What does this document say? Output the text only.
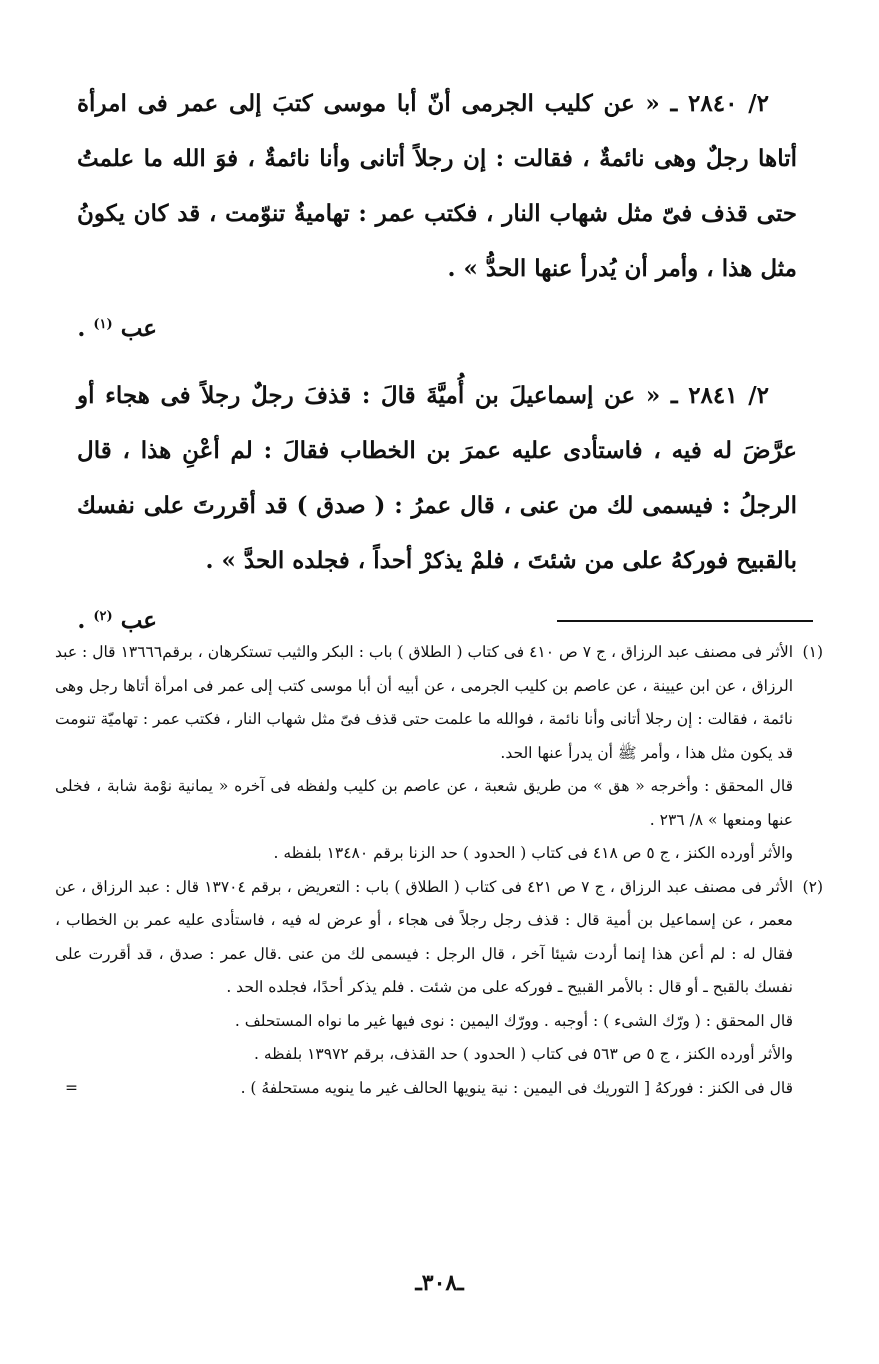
٢/ ٢٨٤٠ ـ « عن كليب الجرمى أنّ أبا موسى كتبَ إلى عمر فى امرأة أتاها رجلٌ وهى نائمةٌ ، فقالت : إن رجلاً أتانى وأنا نائمةٌ ، فوَ الله ما علمتُ حتى قذف فىّ مثل شهاب النار ، فكتب عمر : تهاميةٌ تنوّمت ، قد كان يكونُ مثل هذا ، وأمر أن يُدرأ عنها الحدُّ » .

عب $^{(١)}$ .

٢/ ٢٨٤١ ـ « عن إسماعيلَ بن أُميَّةَ قالَ : قذفَ رجلٌ رجلاً فى هجاء أو عرَّضَ له فيه ، فاستأدى عليه عمرَ بن الخطاب فقالَ : لم أعْنِ هذا ، قال الرجلُ : فيسمى لك من عنى ، قال عمرُ : ( صدق ) قد أقررتَ على نفسك بالقبيح فوركهُ على من شئتَ ، فلمْ يذكرْ أحداً ، فجلده الحدَّ » .

عب $^{(٢)}$ .

(١)
الأثر فى مصنف عبد الرزاق ، ج ٧ ص ٤١٠ فى كتاب ( الطلاق ) باب : البكر والثيب تستكرهان ، برقم١٣٦٦٦ قال : عبد الرزاق ، عن ابن عيينة ، عن عاصم بن كليب الجرمى ، عن أبيه أن أبا موسى كتب إلى عمر فى امرأة أتاها رجل وهى نائمة ، فقالت : إن رجلا أتانى وأنا نائمة ، فوالله ما علمت حتى قذف فىّ مثل شهاب النار ، فكتب عمر : تهاميّة تنومت قد يكون مثل هذا ، وأمر ﷺ أن يدرأ عنها الحد.

قال المحقق : وأخرجه « هق » من طريق شعبة ، عن عاصم بن كليب ولفظه فى آخره « يمانية نوْمة شابة ، فخلى عنها ومنعها » ٨/ ٢٣٦ .

والأثر أورده الكنز ، ج ٥ ص ٤١٨ فى كتاب ( الحدود ) حد الزنا برقم ١٣٤٨٠ بلفظه .

(٢)
الأثر فى مصنف عبد الرزاق ، ج ٧ ص ٤٢١ فى كتاب ( الطلاق ) باب : التعريض ، برقم ١٣٧٠٤ قال : عبد الرزاق ، عن معمر ، عن إسماعيل بن أمية قال : قذف رجل رجلاً فى هجاء ، أو عرض له فيه ، فاستأدى عليه عمر بن الخطاب ، فقال له : لم أعن هذا إنما أردت شيئا آخر ، قال الرجل : فيسمى لك من عنى .قال عمر : صدق ، قد أقررت على نفسك بالقبح ـ أو قال : بالأمر القبيح ـ فوركه على من شئت . فلم يذكر أحدًا، فجلده الحد .

قال المحقق : ( ورّك الشىء ) : أوجبه . وورّك اليمين : نوى فيها غير ما نواه المستحلف .

والأثر أورده الكنز ، ج ٥ ص ٥٦٣ فى كتاب ( الحدود ) حد القذف، برقم ١٣٩٧٢ بلفظه .

قال فى الكنز : فوركهُ [ التوريك فى اليمين : نية ينويها الحالف غير ما ينويه مستحلفهُ ) .

=
ـ٣٠٨ـ
